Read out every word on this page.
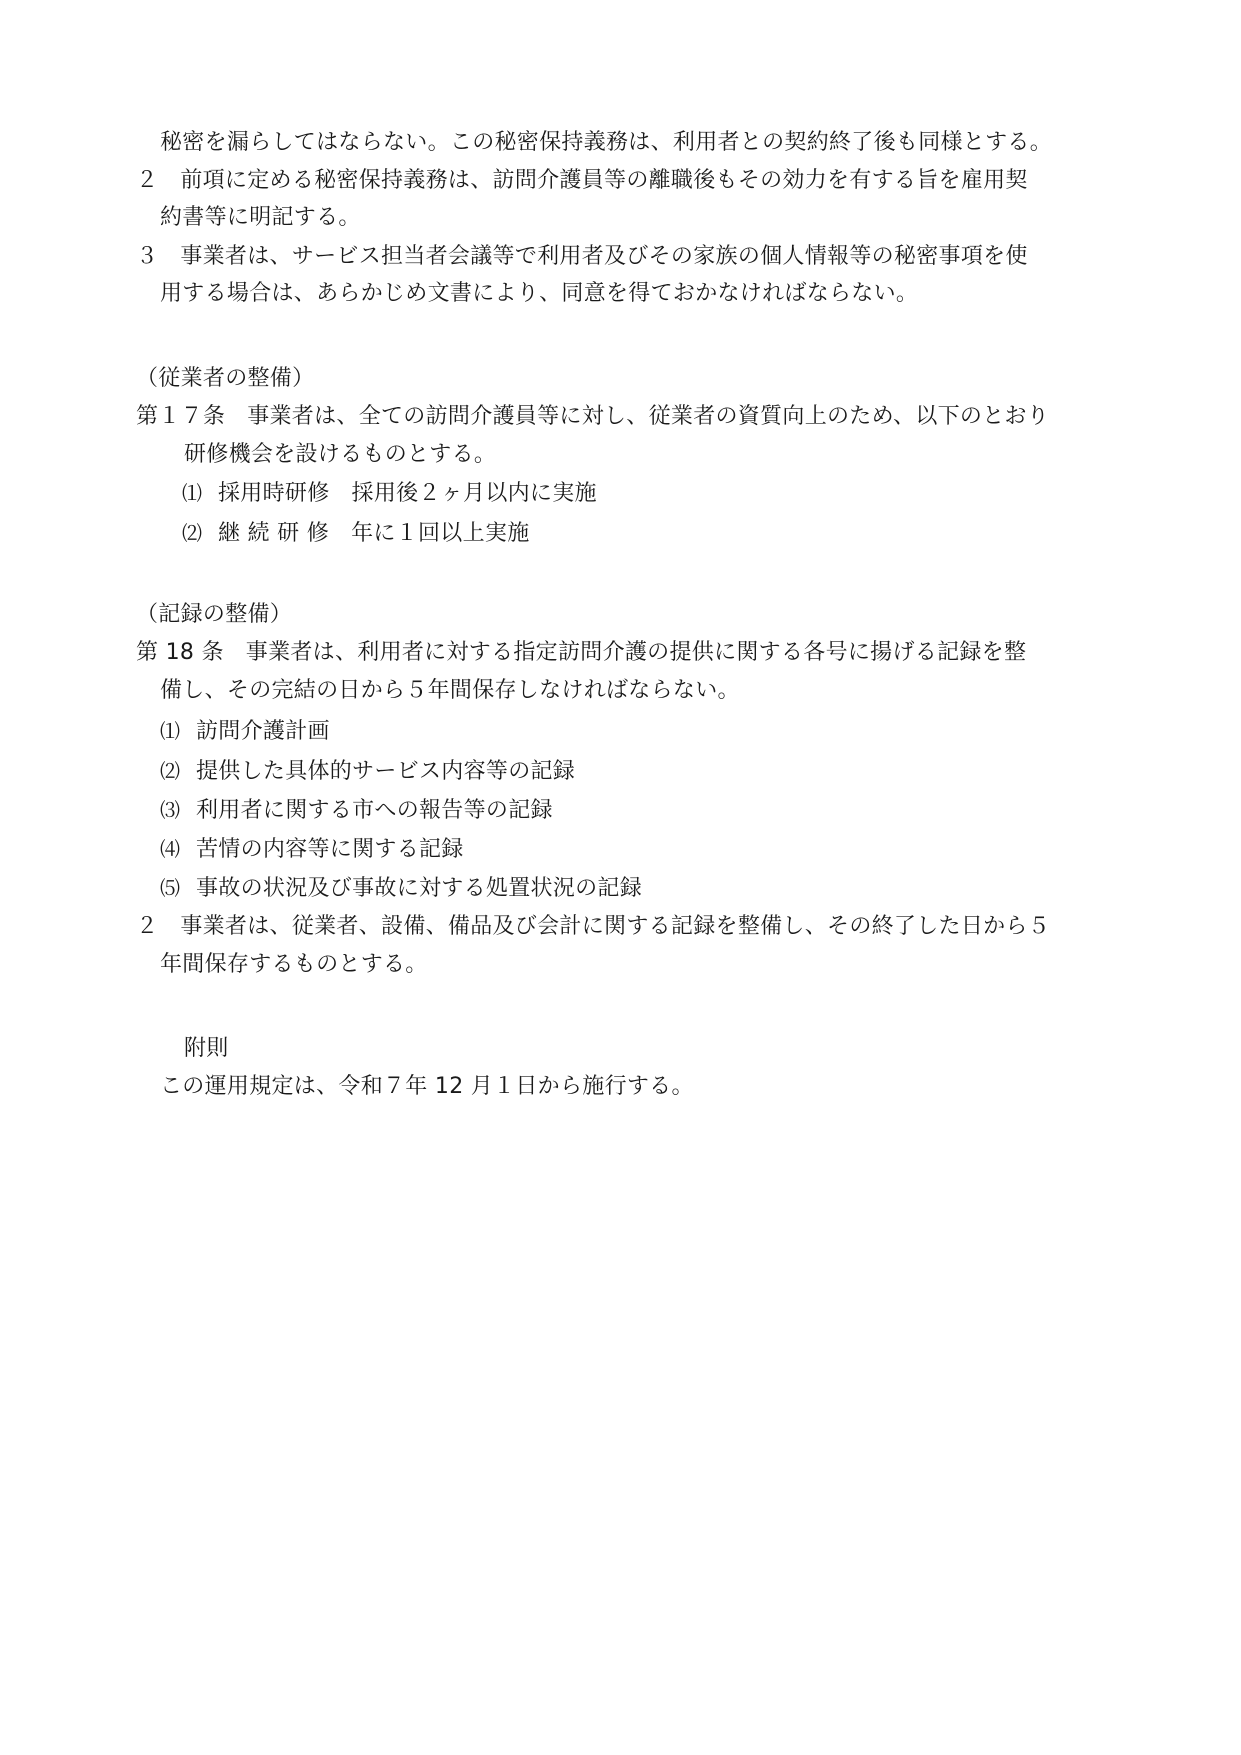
秘密を漏らしてはならない。この秘密保持義務は、利用者との契約終了後も同様とする。
２ 前項に定める秘密保持義務は、訪問介護員等の離職後もその効力を有する旨を雇用契
約書等に明記する。
３ 事業者は、サービス担当者会議等で利用者及びその家族の個人情報等の秘密事項を使
用する場合は、あらかじめ文書により、同意を得ておかなければならない。
（従業者の整備）
第１７条 事業者は、全ての訪問介護員等に対し、従業者の資質向上のため、以下のとおり
研修機会を設けるものとする。
⑴ 採用時研修 採用後２ヶ月以内に実施
⑵ 継 続 研 修 年に１回以上実施
（記録の整備）
第 18 条 事業者は、利用者に対する指定訪問介護の提供に関する各号に揚げる記録を整
備し、その完結の日から５年間保存しなければならない。
⑴ 訪問介護計画
⑵ 提供した具体的サービス内容等の記録
⑶ 利用者に関する市への報告等の記録
⑷ 苦情の内容等に関する記録
⑸ 事故の状況及び事故に対する処置状況の記録
２ 事業者は、従業者、設備、備品及び会計に関する記録を整備し、その終了した日から５
年間保存するものとする。
附則
この運用規定は、令和７年 12 月１日から施行する。
